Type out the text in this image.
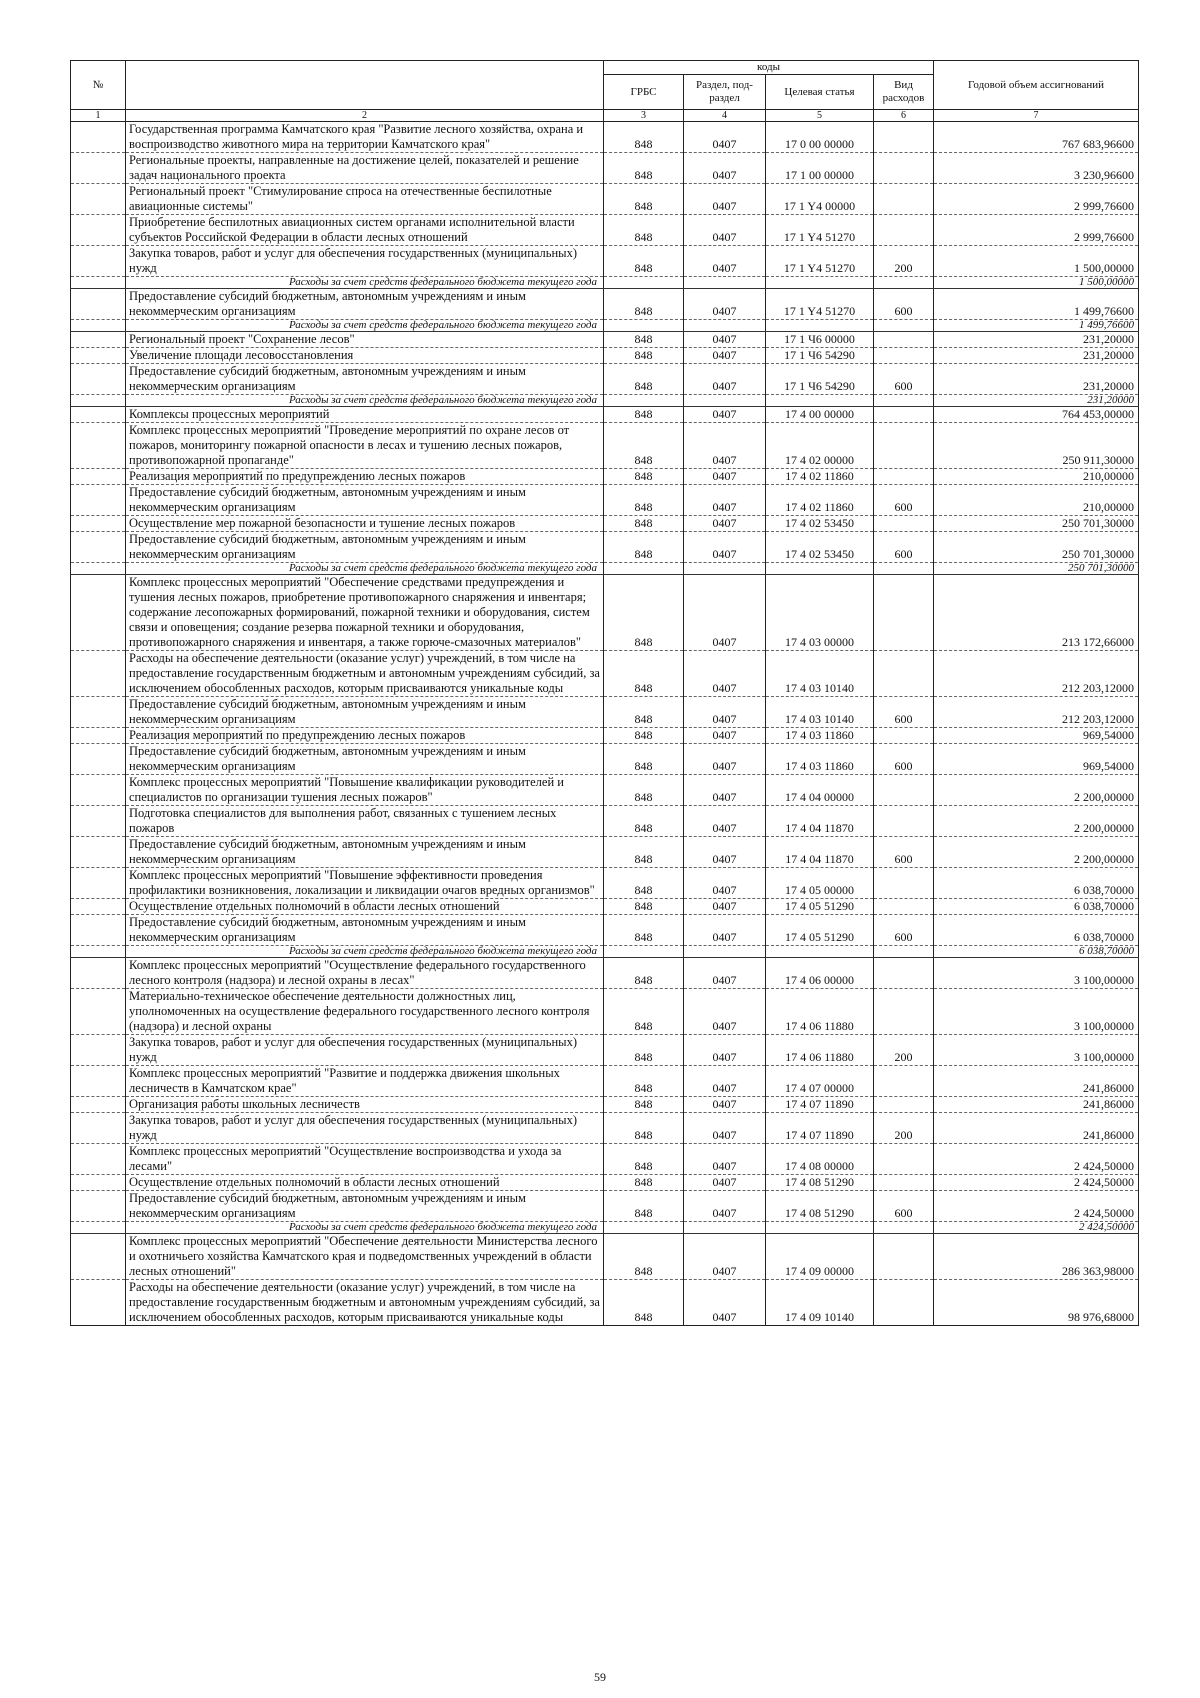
№		коды				Годовой объем ассигнований
		ГРБС	Раздел, под-раздел	Целевая статья	Вид расходов	
1	2	3	4	5	6	7
	Государственная программа Камчатского края "Развитие лесного хозяйства, охрана и воспроизводство животного мира на территории Камчатского края"	848	0407	17 0 00 00000		767 683,96600
	Региональные проекты, направленные на достижение целей, показателей и решение задач национального проекта	848	0407	17 1 00 00000		3 230,96600
	Региональный проект "Стимулирование спроса на отечественные беспилотные авиационные системы"	848	0407	17 1 Y4 00000		2 999,76600
	Приобретение беспилотных авиационных систем органами исполнительной власти субъектов Российской Федерации в области лесных отношений	848	0407	17 1 Y4 51270		2 999,76600
	Закупка товаров, работ и услуг для обеспечения государственных (муниципальных) нужд	848	0407	17 1 Y4 51270	200	1 500,00000
	Расходы за счет средств федерального бюджета текущего года					1 500,00000
	Предоставление субсидий бюджетным, автономным учреждениям и иным некоммерческим организациям	848	0407	17 1 Y4 51270	600	1 499,76600
	Расходы за счет средств федерального бюджета текущего года					1 499,76600
	Региональный проект "Сохранение лесов"	848	0407	17 1 Ч6 00000		231,20000
	Увеличение площади лесовосстановления	848	0407	17 1 Ч6 54290		231,20000
	Предоставление субсидий бюджетным, автономным учреждениям и иным некоммерческим организациям	848	0407	17 1 Ч6 54290	600	231,20000
	Расходы за счет средств федерального бюджета текущего года					231,20000
	Комплексы процессных мероприятий	848	0407	17 4 00 00000		764 453,00000
	Комплекс процессных мероприятий "Проведение мероприятий по охране лесов от пожаров, мониторингу пожарной опасности в лесах и тушению лесных пожаров, противопожарной пропаганде"	848	0407	17 4 02 00000		250 911,30000
	Реализация мероприятий по предупреждению лесных пожаров	848	0407	17 4 02 11860		210,00000
	Предоставление субсидий бюджетным, автономным учреждениям и иным некоммерческим организациям	848	0407	17 4 02 11860	600	210,00000
	Осуществление мер пожарной безопасности и тушение лесных пожаров	848	0407	17 4 02 53450		250 701,30000
	Предоставление субсидий бюджетным, автономным учреждениям и иным некоммерческим организациям	848	0407	17 4 02 53450	600	250 701,30000
	Расходы за счет средств федерального бюджета текущего года					250 701,30000
	Комплекс процессных мероприятий "Обеспечение средствами предупреждения и тушения лесных пожаров, приобретение противопожарного снаряжения и инвентаря; содержание лесопожарных формирований, пожарной техники и оборудования, систем связи и оповещения; создание резерва пожарной техники и оборудования, противопожарного снаряжения и инвентаря, а также горюче-смазочных материалов"	848	0407	17 4 03 00000		213 172,66000
	Расходы на обеспечение деятельности (оказание услуг) учреждений, в том числе на предоставление государственным бюджетным и автономным учреждениям субсидий, за исключением обособленных расходов, которым присваиваются уникальные коды	848	0407	17 4 03 10140		212 203,12000
	Предоставление субсидий бюджетным, автономным учреждениям и иным некоммерческим организациям	848	0407	17 4 03 10140	600	212 203,12000
	Реализация мероприятий по предупреждению лесных пожаров	848	0407	17 4 03 11860		969,54000
	Предоставление субсидий бюджетным, автономным учреждениям и иным некоммерческим организациям	848	0407	17 4 03 11860	600	969,54000
	Комплекс процессных мероприятий "Повышение квалификации руководителей и специалистов по организации тушения лесных пожаров"	848	0407	17 4 04 00000		2 200,00000
	Подготовка специалистов для выполнения работ, связанных с тушением лесных пожаров	848	0407	17 4 04 11870		2 200,00000
	Предоставление субсидий бюджетным, автономным учреждениям и иным некоммерческим организациям	848	0407	17 4 04 11870	600	2 200,00000
	Комплекс процессных мероприятий "Повышение эффективности проведения профилактики возникновения, локализации и ликвидации очагов вредных организмов"	848	0407	17 4 05 00000		6 038,70000
	Осуществление отдельных полномочий в области лесных отношений	848	0407	17 4 05 51290		6 038,70000
	Предоставление субсидий бюджетным, автономным учреждениям и иным некоммерческим организациям	848	0407	17 4 05 51290	600	6 038,70000
	Расходы за счет средств федерального бюджета текущего года					6 038,70000
	Комплекс процессных мероприятий "Осуществление федерального государственного лесного контроля (надзора) и лесной охраны в лесах"	848	0407	17 4 06 00000		3 100,00000
	Материально-техническое обеспечение деятельности должностных лиц, уполномоченных на осуществление федерального государственного лесного контроля (надзора) и лесной охраны	848	0407	17 4 06 11880		3 100,00000
	Закупка товаров, работ и услуг для обеспечения государственных (муниципальных) нужд	848	0407	17 4 06 11880	200	3 100,00000
	Комплекс процессных мероприятий "Развитие и поддержка движения школьных лесничеств в Камчатском крае"	848	0407	17 4 07 00000		241,86000
	Организация работы школьных лесничеств	848	0407	17 4 07 11890		241,86000
	Закупка товаров, работ и услуг для обеспечения государственных (муниципальных) нужд	848	0407	17 4 07 11890	200	241,86000
	Комплекс процессных мероприятий "Осуществление воспроизводства и ухода за лесами"	848	0407	17 4 08 00000		2 424,50000
	Осуществление отдельных полномочий в области лесных отношений	848	0407	17 4 08 51290		2 424,50000
	Предоставление субсидий бюджетным, автономным учреждениям и иным некоммерческим организациям	848	0407	17 4 08 51290	600	2 424,50000
	Расходы за счет средств федерального бюджета текущего года					2 424,50000
	Комплекс процессных мероприятий "Обеспечение деятельности Министерства лесного и охотничьего хозяйства Камчатского края и подведомственных учреждений в области лесных отношений"	848	0407	17 4 09 00000		286 363,98000
	Расходы на обеспечение деятельности (оказание услуг) учреждений, в том числе на предоставление государственным бюджетным и автономным учреждениям субсидий, за исключением обособленных расходов, которым присваиваются уникальные коды	848	0407	17 4 09 10140		98 976,68000
59
